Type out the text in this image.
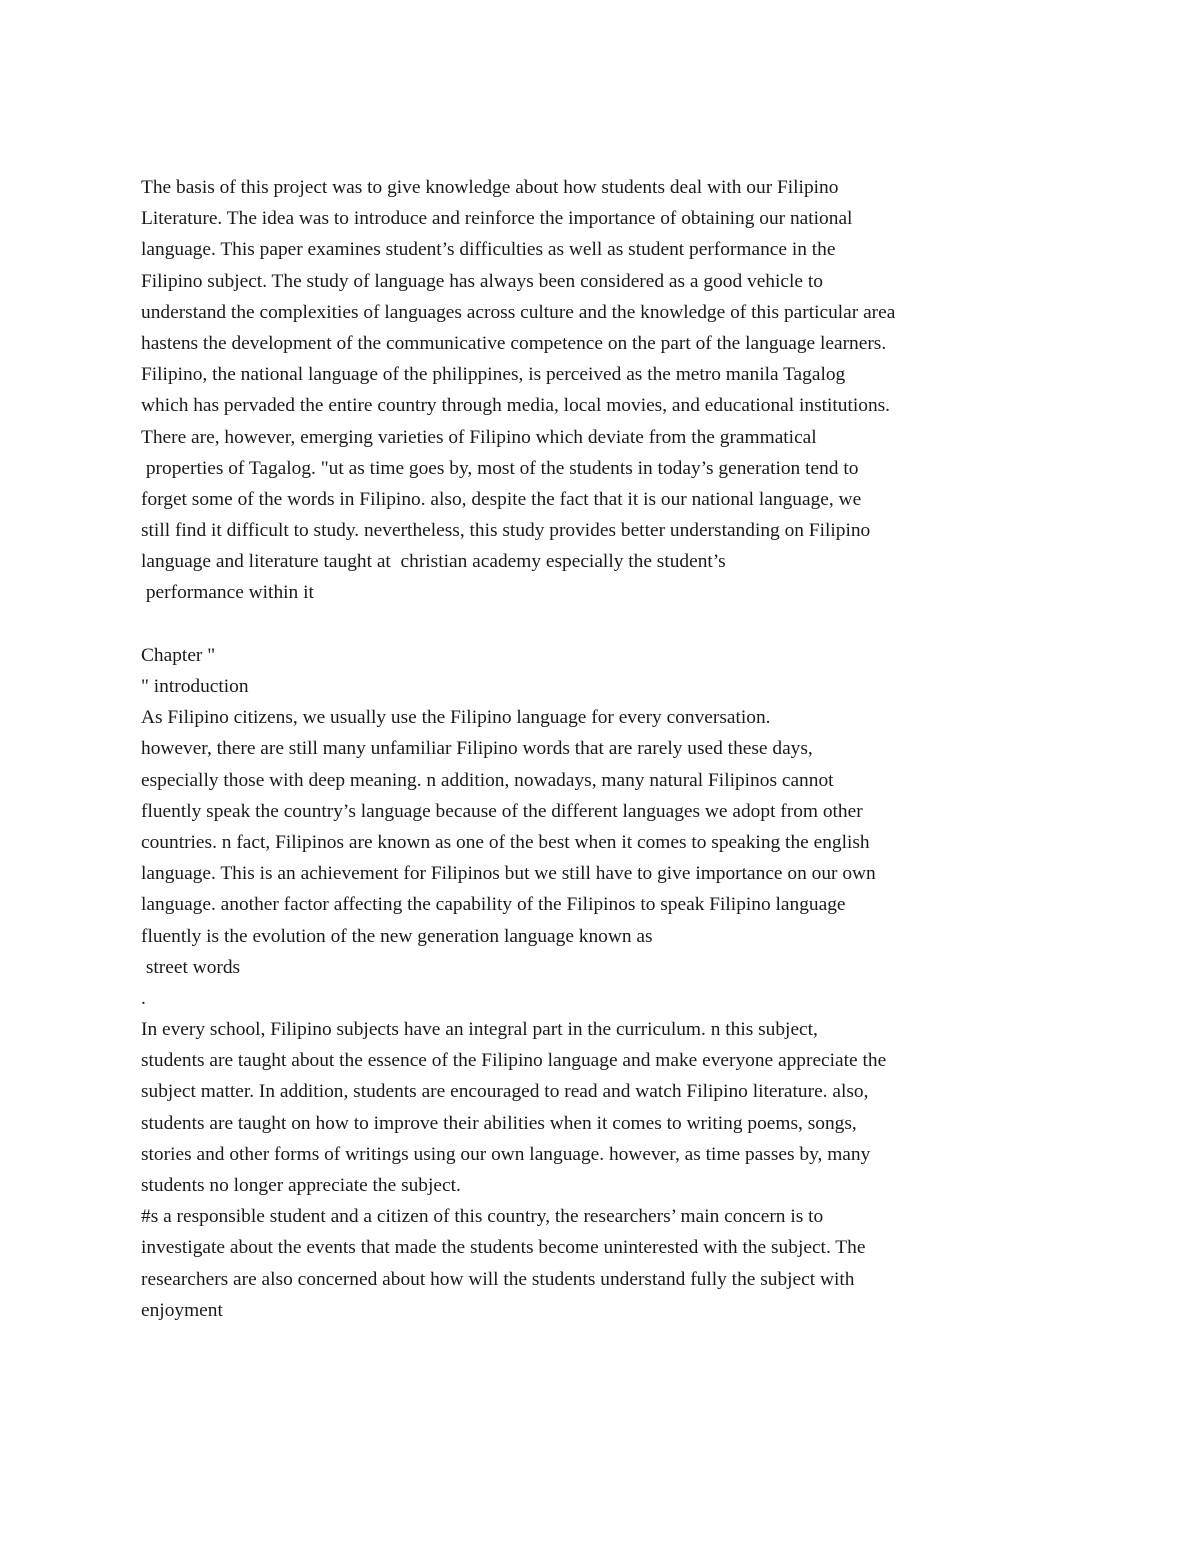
The basis of this project was to give knowledge about how students deal with our Filipino
Literature. The idea was to introduce and reinforce the importance of obtaining our national
language. This paper examines student’s difficulties as well as student performance in the
Filipino subject. The study of language has always been considered as a good vehicle to
understand the complexities of languages across culture and the knowledge of this particular area
hastens the development of the communicative competence on the part of the language learners.
Filipino, the national language of the philippines, is perceived as the metro manila Tagalog
which has pervaded the entire country through media, local movies, and educational institutions.
There are, however, emerging varieties of Filipino which deviate from the grammatical
properties of Tagalog. "ut as time goes by, most of the students in today’s generation tend to
forget some of the words in Filipino. also, despite the fact that it is our national language, we
still find it difficult to study. nevertheless, this study provides better understanding on Filipino
language and literature taught at  christian academy especially the student’s
performance within it
Chapter "
" introduction
As Filipino citizens, we usually use the Filipino language for every conversation.
however, there are still many unfamiliar Filipino words that are rarely used these days,
especially those with deep meaning. n addition, nowadays, many natural Filipinos cannot
fluently speak the country’s language because of the different languages we adopt from other
countries. n fact, Filipinos are known as one of the best when it comes to speaking the english
language. This is an achievement for Filipinos but we still have to give importance on our own
language. another factor affecting the capability of the Filipinos to speak Filipino language
fluently is the evolution of the new generation language known as
street words
.
In every school, Filipino subjects have an integral part in the curriculum. n this subject,
students are taught about the essence of the Filipino language and make everyone appreciate the
subject matter. In addition, students are encouraged to read and watch Filipino literature. also,
students are taught on how to improve their abilities when it comes to writing poems, songs,
stories and other forms of writings using our own language. however, as time passes by, many
students no longer appreciate the subject.
#s a responsible student and a citizen of this country, the researchers’ main concern is to
investigate about the events that made the students become uninterested with the subject. The
researchers are also concerned about how will the students understand fully the subject with
enjoyment
